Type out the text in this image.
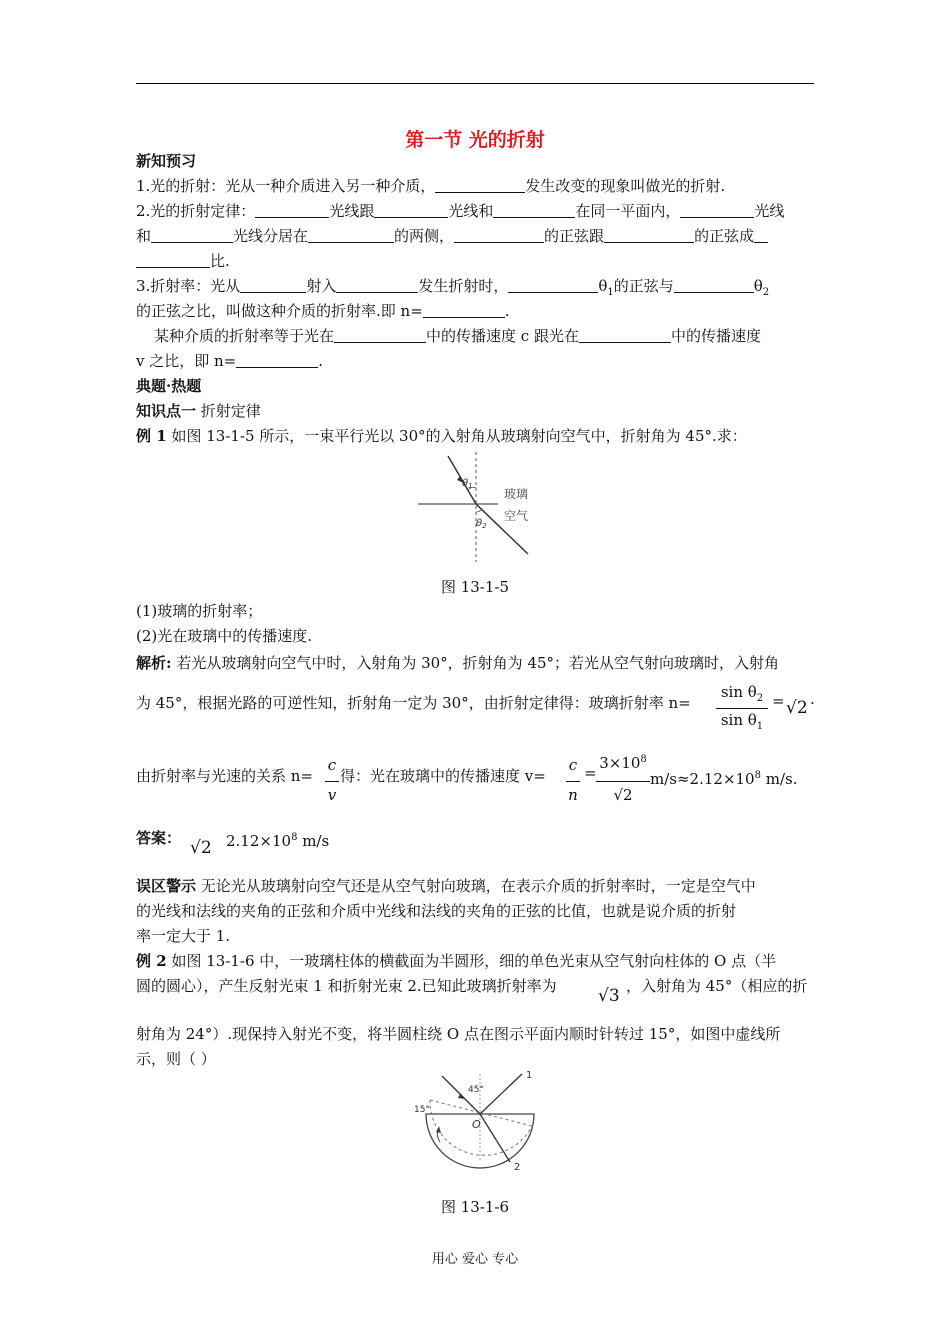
第一节 光的折射
新知预习
1.光的折射：光从一种介质进入另一种介质，	发生改变的现象叫做光的折射.
2.光的折射定律：	光线跟	光线和	在同一平面内，	光线
和	光线分居在	的两侧，	的正弦跟	的正弦成
比.
3.折射率：光从	射入	发生折射时，	$\theta_1$的正弦与	$\theta_2$
的正弦之比，叫做这种介质的折射率.即 n=	.
某种介质的折射率等于光在	中的传播速度 c 跟光在	中的传播速度
v 之比，即 n=	.
典题·热题
知识点一 折射定律
例 1 如图 13-1-5 所示，一束平行光以 30°的入射角从玻璃射向空气中，折射角为 45°.求：
$\theta_1$
$\theta_2$
玻璃
空气
图 13-1-5
(1)玻璃的折射率；
(2)光在玻璃中的传播速度.
解析: 若光从玻璃射向空气中时，入射角为 30°，折射角为 45°；若光从空气射向玻璃时，入射角
为 45°，根据光路的可逆性知，折射角一定为 30°，由折射定律得：玻璃折射率 n=
$\sin \theta_2$
$\sin \theta_1$
= √2 .
由折射率与光速的关系 n=
c
v
得：光在玻璃中的传播速度 v=
c
n
=
$3\times 10^8$
√2
$m/s\approx 2.12\times 10^8$ m/s.
答案： √2 $2.12\times 10^8$ m/s
误区警示 无论光从玻璃射向空气还是从空气射向玻璃，在表示介质的折射率时，一定是空气中
的光线和法线的夹角的正弦和介质中光线和法线的夹角的正弦的比值，也就是说介质的折射
率一定大于 1.
例 2 如图 13-1-6 中，一玻璃柱体的横截面为半圆形，细的单色光束从空气射向柱体的 O 点（半
圆的圆心），产生反射光束 1 和折射光束 2.已知此玻璃折射率为	√3 ，入射角为 45°（相应的折
射角为 24°）.现保持入射光不变，将半圆柱绕 O 点在图示平面内顺时针转过 15°，如图中虚线所
示，则（ ）
45°
15°
O
1
2
图 13-1-6
用心 爱心 专心
